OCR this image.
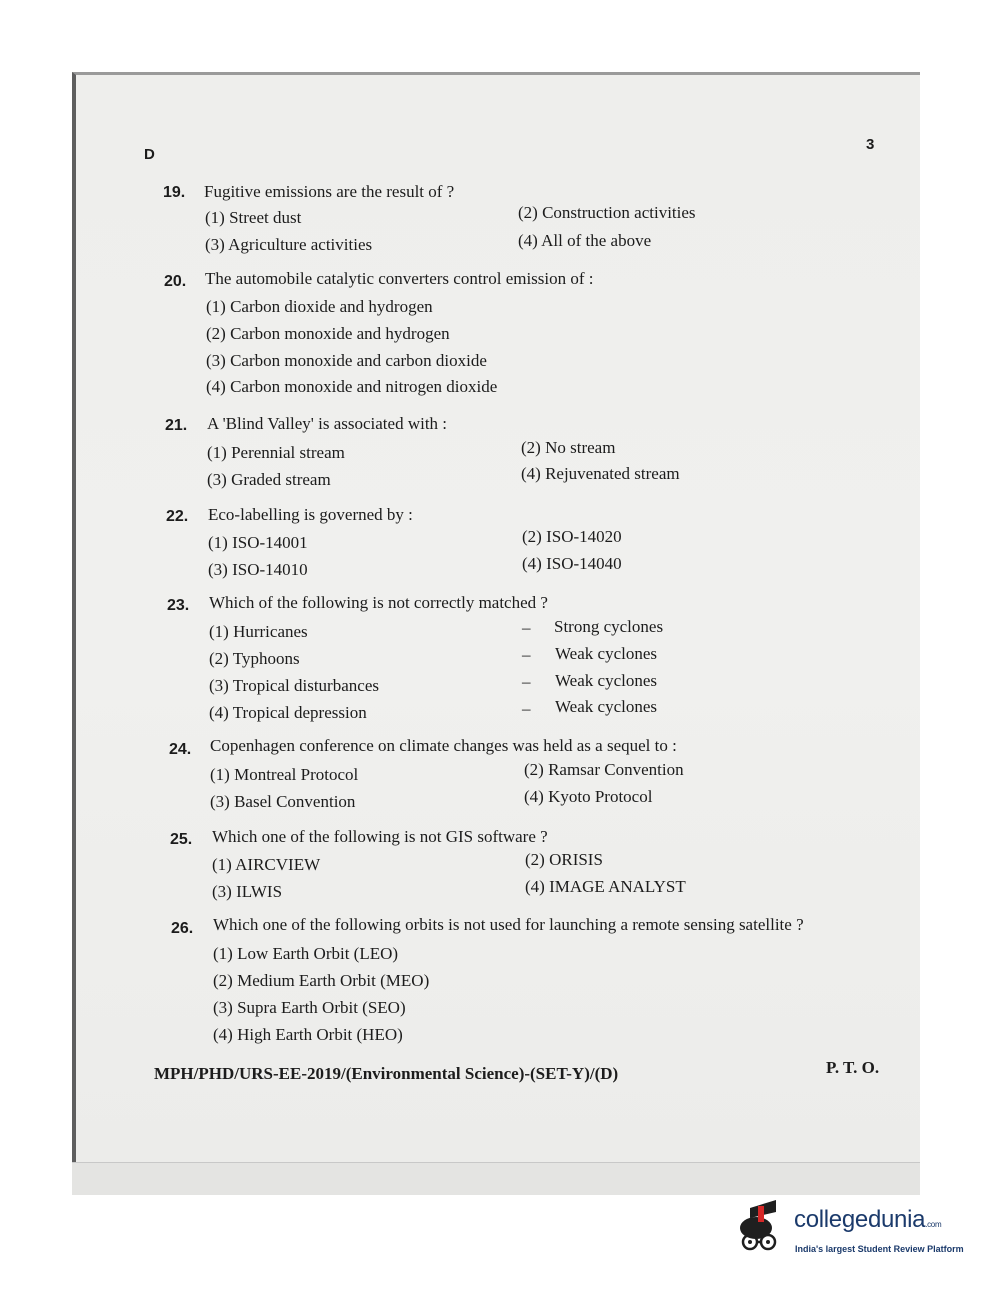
D
3
19. Fugitive emissions are the result of ?
(1) Street dust	(2) Construction activities
(3) Agriculture activities	(4) All of the above
20. The automobile catalytic converters control emission of :
(1) Carbon dioxide and hydrogen
(2) Carbon monoxide and hydrogen
(3) Carbon monoxide and carbon dioxide
(4) Carbon monoxide and nitrogen dioxide
21. A 'Blind Valley' is associated with :
(1) Perennial stream	(2) No stream
(3) Graded stream	(4) Rejuvenated stream
22. Eco-labelling is governed by :
(1) ISO-14001	(2) ISO-14020
(3) ISO-14010	(4) ISO-14040
23. Which of the following is not correctly matched ?
(1) Hurricanes	– Strong cyclones
(2) Typhoons	– Weak cyclones
(3) Tropical disturbances	– Weak cyclones
(4) Tropical depression	– Weak cyclones
24. Copenhagen conference on climate changes was held as a sequel to :
(1) Montreal Protocol	(2) Ramsar Convention
(3) Basel Convention	(4) Kyoto Protocol
25. Which one of the following is not GIS software ?
(1) AIRCVIEW	(2) ORISIS
(3) ILWIS	(4) IMAGE ANALYST
26. Which one of the following orbits is not used for launching a remote sensing satellite ?
(1) Low Earth Orbit (LEO)
(2) Medium Earth Orbit (MEO)
(3) Supra Earth Orbit (SEO)
(4) High Earth Orbit (HEO)
MPH/PHD/URS-EE-2019/(Environmental Science)-(SET-Y)/(D)	P. T. O.
collegedunia.com
India's largest Student Review Platform
